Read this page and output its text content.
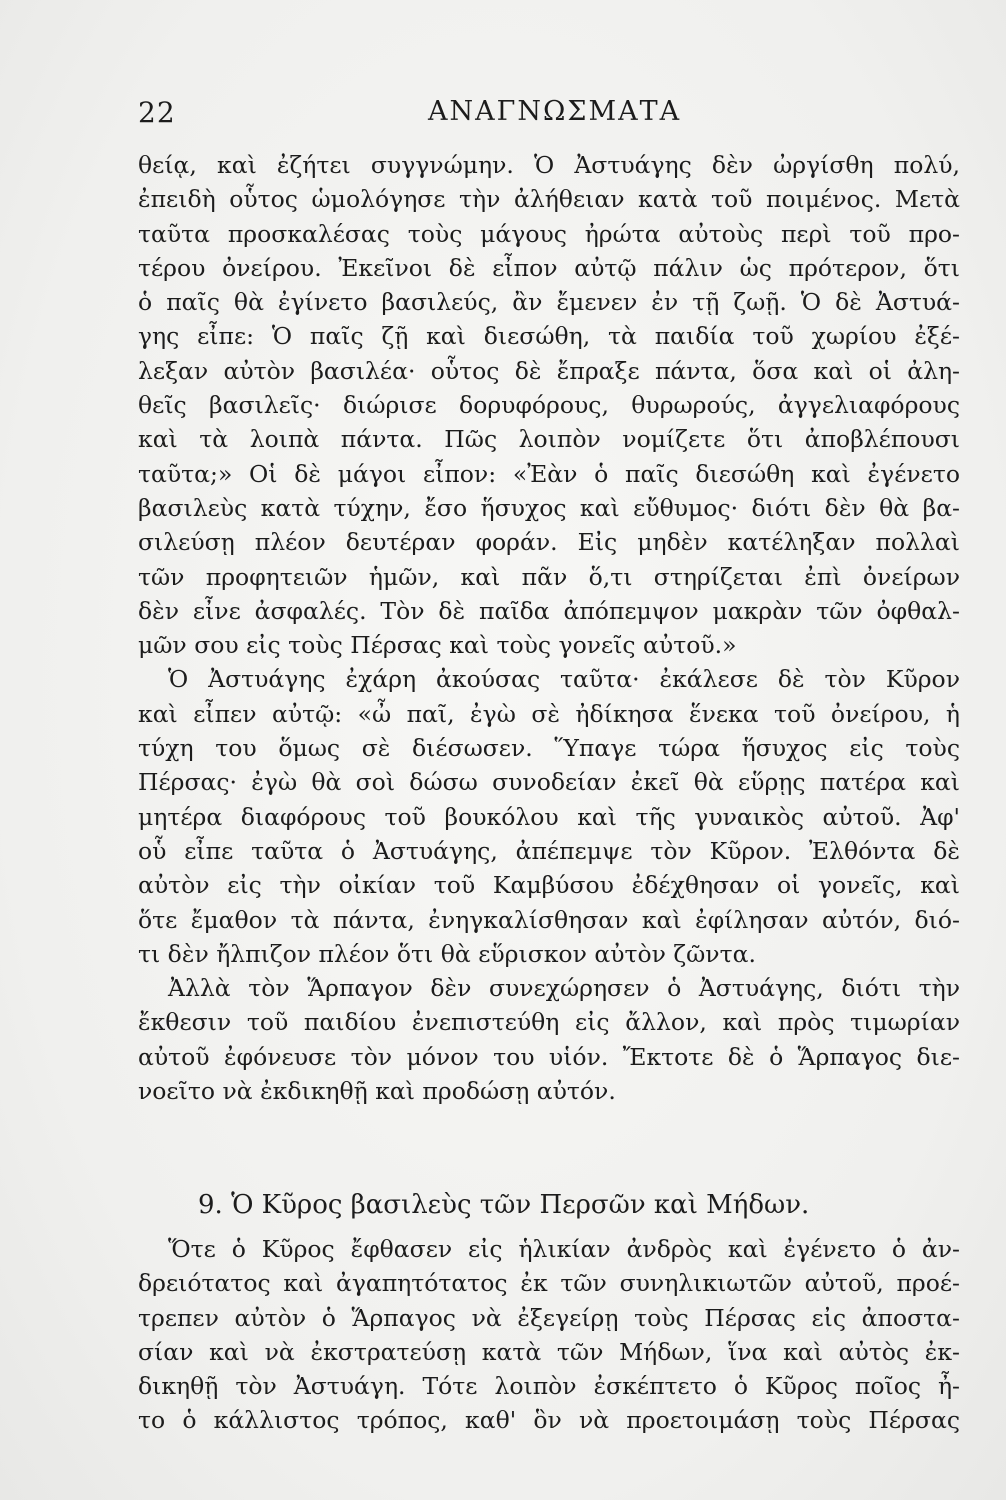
22	ΑΝΑΓΝΩΣΜΑΤΑ
θείᾳ, καὶ ἐζήτει συγγνώμην. Ὁ Ἀστυάγης δὲν ὠργίσθη πολύ,
ἐπειδὴ οὗτος ὡμολόγησε τὴν ἀλήθειαν κατὰ τοῦ ποιμένος. Μετὰ
ταῦτα προσκαλέσας τοὺς μάγους ἠρώτα αὐτοὺς περὶ τοῦ προ-
τέρου ὀνείρου. Ἐκεῖνοι δὲ εἶπον αὐτῷ πάλιν ὡς πρότερον, ὅτι
ὁ παῖς θὰ ἐγίνετο βασιλεύς, ἂν ἔμενεν ἐν τῇ ζωῇ. Ὁ δὲ Ἀστυά-
γης εἶπε: Ὁ παῖς ζῇ καὶ διεσώθη, τὰ παιδία τοῦ χωρίου ἐξέ-
λεξαν αὐτὸν βασιλέα· οὗτος δὲ ἔπραξε πάντα, ὅσα καὶ οἱ ἀλη-
θεῖς βασιλεῖς· διώρισε δορυφόρους, θυρωρούς, ἀγγελιαφόρους
καὶ τὰ λοιπὰ πάντα. Πῶς λοιπὸν νομίζετε ὅτι ἀποβλέπουσι
ταῦτα;» Οἱ δὲ μάγοι εἶπον: «Ἐὰν ὁ παῖς διεσώθη καὶ ἐγένετο
βασιλεὺς κατὰ τύχην, ἔσο ἥσυχος καὶ εὔθυμος· διότι δὲν θὰ βα-
σιλεύσῃ πλέον δευτέραν φοράν. Εἰς μηδὲν κατέληξαν πολλαὶ
τῶν προφητειῶν ἡμῶν, καὶ πᾶν ὅ,τι στηρίζεται ἐπὶ ὀνείρων
δὲν εἶνε ἀσφαλές. Τὸν δὲ παῖδα ἀπόπεμψον μακρὰν τῶν ὀφθαλ-
μῶν σου εἰς τοὺς Πέρσας καὶ τοὺς γονεῖς αὐτοῦ.»
Ὁ Ἀστυάγης ἐχάρη ἀκούσας ταῦτα· ἐκάλεσε δὲ τὸν Κῦρον
καὶ εἶπεν αὐτῷ: «ὦ παῖ, ἐγὼ σὲ ἠδίκησα ἕνεκα τοῦ ὀνείρου, ἡ
τύχη του ὅμως σὲ διέσωσεν. Ὕπαγε τώρα ἥσυχος εἰς τοὺς
Πέρσας· ἐγὼ θὰ σοὶ δώσω συνοδείαν ἐκεῖ θὰ εὕρῃς πατέρα καὶ
μητέρα διαφόρους τοῦ βουκόλου καὶ τῆς γυναικὸς αὐτοῦ. Ἀφ'
οὗ εἶπε ταῦτα ὁ Ἀστυάγης, ἀπέπεμψε τὸν Κῦρον. Ἐλθόντα δὲ
αὐτὸν εἰς τὴν οἰκίαν τοῦ Καμβύσου ἐδέχθησαν οἱ γονεῖς, καὶ
ὅτε ἔμαθον τὰ πάντα, ἐνηγκαλίσθησαν καὶ ἐφίλησαν αὐτόν, διό-
τι δὲν ἤλπιζον πλέον ὅτι θὰ εὕρισκον αὐτὸν ζῶντα.
Ἀλλὰ τὸν Ἅρπαγον δὲν συνεχώρησεν ὁ Ἀστυάγης, διότι τὴν
ἔκθεσιν τοῦ παιδίου ἐνεπιστεύθη εἰς ἄλλον, καὶ πρὸς τιμωρίαν
αὐτοῦ ἐφόνευσε τὸν μόνον του υἱόν. Ἔκτοτε δὲ ὁ Ἅρπαγος διε-
νοεῖτο νὰ ἐκδικηθῇ καὶ προδώσῃ αὐτόν.
9. Ὁ Κῦρος βασιλεὺς τῶν Περσῶν καὶ Μήδων.
Ὅτε ὁ Κῦρος ἔφθασεν εἰς ἡλικίαν ἀνδρὸς καὶ ἐγένετο ὁ ἀν-
δρειότατος καὶ ἀγαπητότατος ἐκ τῶν συνηλικιωτῶν αὐτοῦ, προέ-
τρεπεν αὐτὸν ὁ Ἅρπαγος νὰ ἐξεγείρῃ τοὺς Πέρσας εἰς ἀποστα-
σίαν καὶ νὰ ἐκστρατεύσῃ κατὰ τῶν Μήδων, ἵνα καὶ αὐτὸς ἐκ-
δικηθῇ τὸν Ἀστυάγη. Τότε λοιπὸν ἐσκέπτετο ὁ Κῦρος ποῖος ἦ-
το ὁ κάλλιστος τρόπος, καθ' ὃν νὰ προετοιμάσῃ τοὺς Πέρσας
